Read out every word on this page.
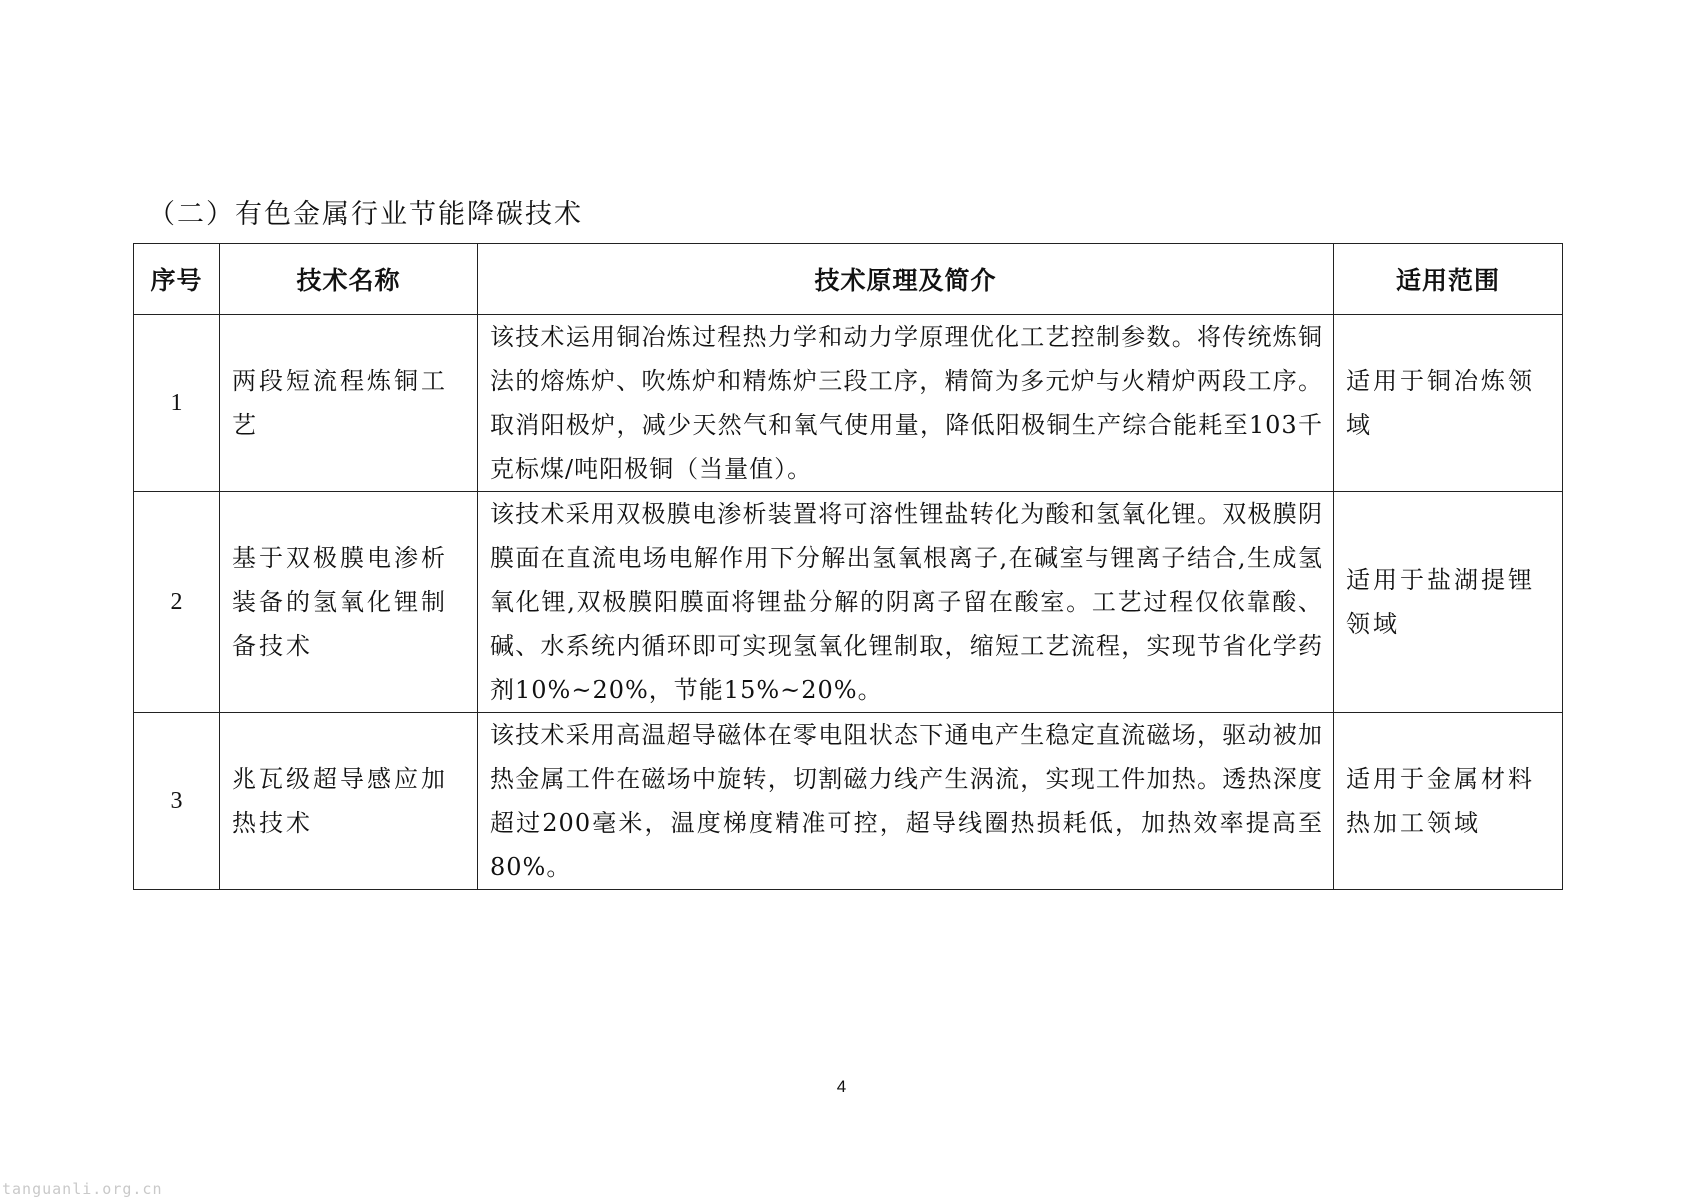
（二）有色金属行业节能降碳技术
序号	技术名称	技术原理及简介	适用范围
1	两段短流程炼铜工艺	该技术运用铜冶炼过程热力学和动力学原理优化工艺控制参数。将传统炼铜法的熔炼炉、吹炼炉和精炼炉三段工序，精简为多元炉与火精炉两段工序。取消阳极炉，减少天然气和氧气使用量，降低阳极铜生产综合能耗至103千克标煤/吨阳极铜（当量值）。	适用于铜冶炼领域
2	基于双极膜电渗析装备的氢氧化锂制备技术	该技术采用双极膜电渗析装置将可溶性锂盐转化为酸和氢氧化锂。双极膜阴膜面在直流电场电解作用下分解出氢氧根离子,在碱室与锂离子结合,生成氢氧化锂,双极膜阳膜面将锂盐分解的阴离子留在酸室。工艺过程仅依靠酸、碱、水系统内循环即可实现氢氧化锂制取，缩短工艺流程，实现节省化学药剂10%~20%，节能15%~20%。	适用于盐湖提锂领域
3	兆瓦级超导感应加热技术	该技术采用高温超导磁体在零电阻状态下通电产生稳定直流磁场，驱动被加热金属工件在磁场中旋转，切割磁力线产生涡流，实现工件加热。透热深度超过200毫米，温度梯度精准可控，超导线圈热损耗低，加热效率提高至80%。	适用于金属材料热加工领域
4
tanguanli.org.cn
